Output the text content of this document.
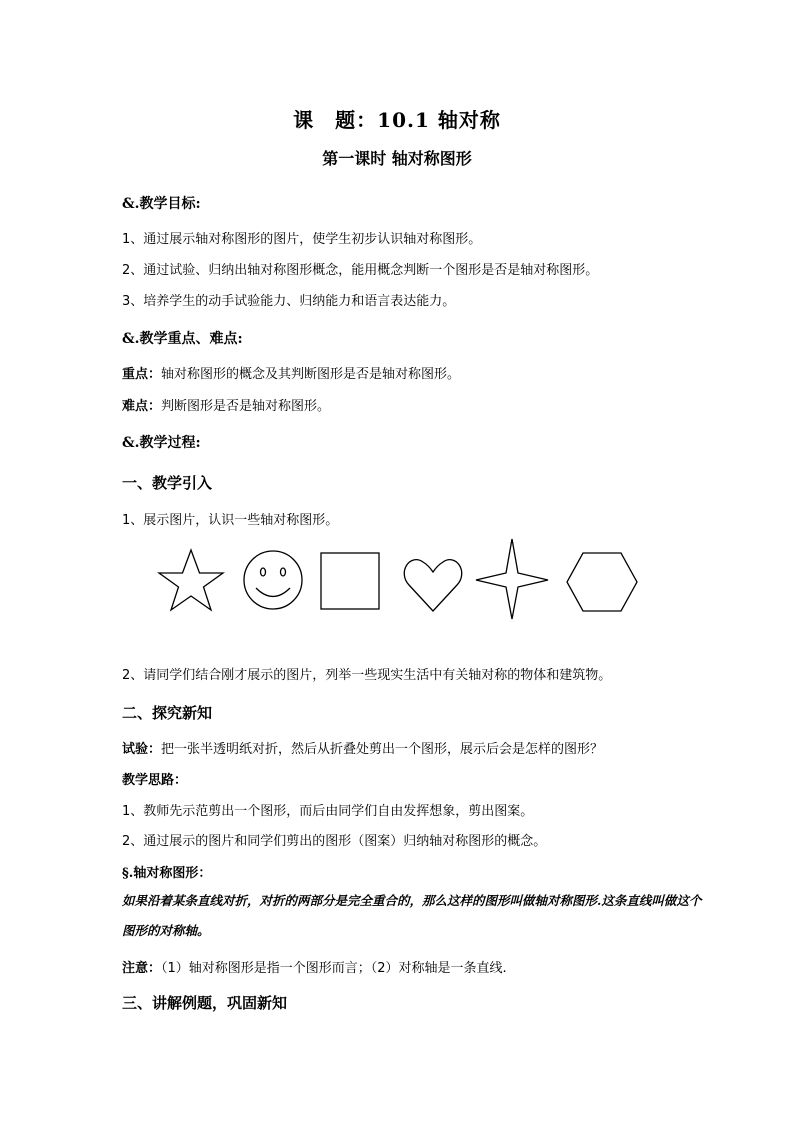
课　题：10.1 轴对称
第一课时 轴对称图形
&.教学目标:
1、通过展示轴对称图形的图片，使学生初步认识轴对称图形。
2、通过试验、归纳出轴对称图形概念，能用概念判断一个图形是否是轴对称图形。
3、培养学生的动手试验能力、归纳能力和语言表达能力。
&.教学重点、难点:
重点：轴对称图形的概念及其判断图形是否是轴对称图形。
难点：判断图形是否是轴对称图形。
&.教学过程:
一、教学引入
1、展示图片，认识一些轴对称图形。
2、请同学们结合刚才展示的图片，列举一些现实生活中有关轴对称的物体和建筑物。
二、探究新知
试验：把一张半透明纸对折，然后从折叠处剪出一个图形，展示后会是怎样的图形？
教学思路：
1、教师先示范剪出一个图形，而后由同学们自由发挥想象，剪出图案。
2、通过展示的图片和同学们剪出的图形（图案）归纳轴对称图形的概念。
§.轴对称图形：
如果沿着某条直线对折，对折的两部分是完全重合的，那么这样的图形叫做轴对称图形.这条直线叫做这个图形的对称轴。
注意：（1）轴对称图形是指一个图形而言；（2）对称轴是一条直线.
三、讲解例题，巩固新知
